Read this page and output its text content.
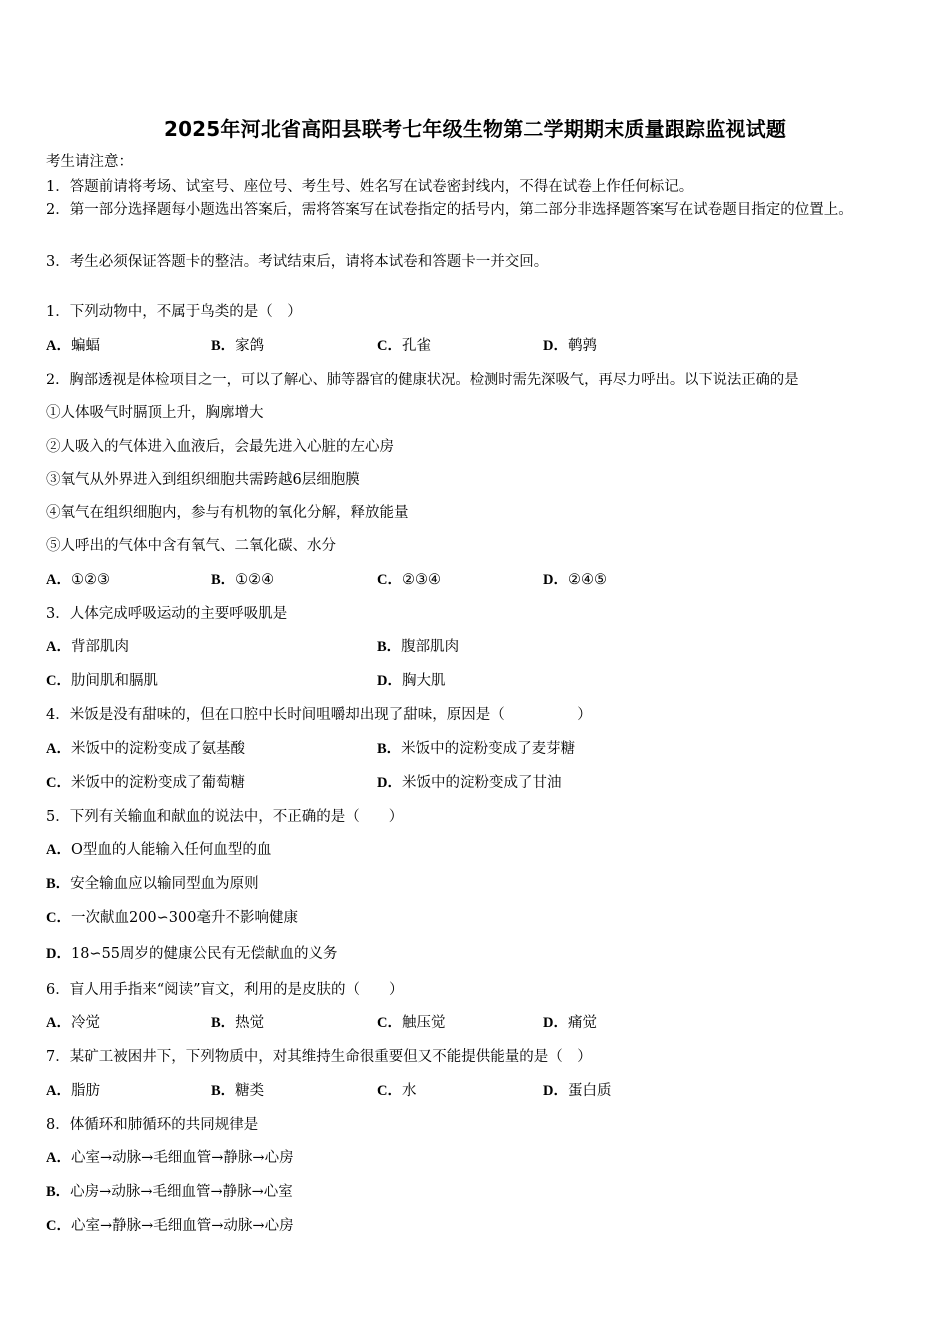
2025年河北省高阳县联考七年级生物第二学期期末质量跟踪监视试题
考生请注意：
1．答题前请将考场、试室号、座位号、考生号、姓名写在试卷密封线内，不得在试卷上作任何标记。
2．第一部分选择题每小题选出答案后，需将答案写在试卷指定的括号内，第二部分非选择题答案写在试卷题目指定的位置上。
3．考生必须保证答题卡的整洁。考试结束后，请将本试卷和答题卡一并交回。
1．下列动物中，不属于鸟类的是（　）
A．蝙蝠	B．家鸽	C．孔雀	D．鹌鹑
2．胸部透视是体检项目之一，可以了解心、肺等器官的健康状况。检测时需先深吸气，再尽力呼出。以下说法正确的是
①人体吸气时膈顶上升，胸廓增大
②人吸入的气体进入血液后，会最先进入心脏的左心房
③氧气从外界进入到组织细胞共需跨越6层细胞膜
④氧气在组织细胞内，参与有机物的氧化分解，释放能量
⑤人呼出的气体中含有氧气、二氧化碳、水分
A．①②③	B．①②④	C．②③④	D．②④⑤
3．人体完成呼吸运动的主要呼吸肌是
A．背部肌肉	B．腹部肌肉
C．肋间肌和膈肌	D．胸大肌
4．米饭是没有甜味的，但在口腔中长时间咀嚼却出现了甜味，原因是（　　　　　）
A．米饭中的淀粉变成了氨基酸	B．米饭中的淀粉变成了麦芽糖
C．米饭中的淀粉变成了葡萄糖	D．米饭中的淀粉变成了甘油
5．下列有关输血和献血的说法中，不正确的是（　　）
A．O型血的人能输入任何血型的血
B．安全输血应以输同型血为原则
C．一次献血200∽300毫升不影响健康
D．18∽55周岁的健康公民有无偿献血的义务
6．盲人用手指来“阅读”盲文，利用的是皮肤的（　　）
A．冷觉	B．热觉	C．触压觉	D．痛觉
7．某矿工被困井下，下列物质中，对其维持生命很重要但又不能提供能量的是（　）
A．脂肪	B．糖类	C．水	D．蛋白质
8．体循环和肺循环的共同规律是
A．心室→动脉→毛细血管→静脉→心房
B．心房→动脉→毛细血管→静脉→心室
C．心室→静脉→毛细血管→动脉→心房
